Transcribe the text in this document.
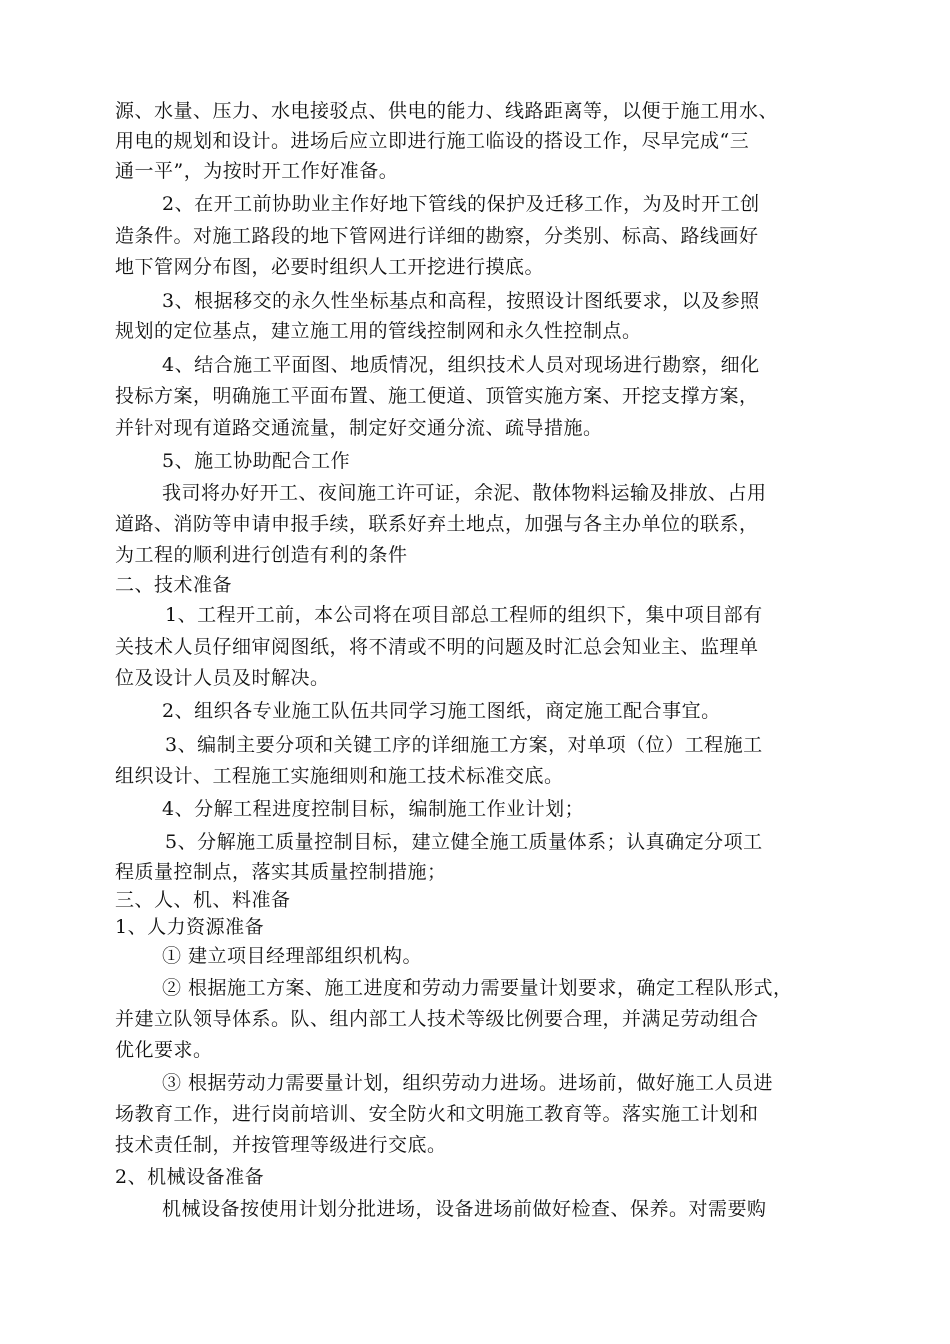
源、水量、压力、水电接驳点、供电的能力、线路距离等，以便于施工用水、
用电的规划和设计。进场后应立即进行施工临设的搭设工作，尽早完成“三
通一平”，为按时开工作好准备。
2、在开工前协助业主作好地下管线的保护及迁移工作，为及时开工创
造条件。对施工路段的地下管网进行详细的勘察，分类别、标高、路线画好
地下管网分布图，必要时组织人工开挖进行摸底。
3、根据移交的永久性坐标基点和高程，按照设计图纸要求，以及参照
规划的定位基点，建立施工用的管线控制网和永久性控制点。
4、结合施工平面图、地质情况，组织技术人员对现场进行勘察，细化
投标方案，明确施工平面布置、施工便道、顶管实施方案、开挖支撑方案，
并针对现有道路交通流量，制定好交通分流、疏导措施。
5、施工协助配合工作
我司将办好开工、夜间施工许可证，余泥、散体物料运输及排放、占用
道路、消防等申请申报手续，联系好弃土地点，加强与各主办单位的联系，
为工程的顺利进行创造有利的条件
二、技术准备
1、工程开工前，本公司将在项目部总工程师的组织下，集中项目部有
关技术人员仔细审阅图纸，将不清或不明的问题及时汇总会知业主、监理单
位及设计人员及时解决。
2、组织各专业施工队伍共同学习施工图纸，商定施工配合事宜。
3、编制主要分项和关键工序的详细施工方案，对单项（位）工程施工
组织设计、工程施工实施细则和施工技术标准交底。
4、分解工程进度控制目标，编制施工作业计划；
5、分解施工质量控制目标，建立健全施工质量体系；认真确定分项工
程质量控制点，落实其质量控制措施；
三、人、机、料准备
1、人力资源准备
① 建立项目经理部组织机构。
② 根据施工方案、施工进度和劳动力需要量计划要求，确定工程队形式，
并建立队领导体系。队、组内部工人技术等级比例要合理，并满足劳动组合
优化要求。
③ 根据劳动力需要量计划，组织劳动力进场。进场前，做好施工人员进
场教育工作，进行岗前培训、安全防火和文明施工教育等。落实施工计划和
技术责任制，并按管理等级进行交底。
2、机械设备准备
机械设备按使用计划分批进场，设备进场前做好检查、保养。对需要购
